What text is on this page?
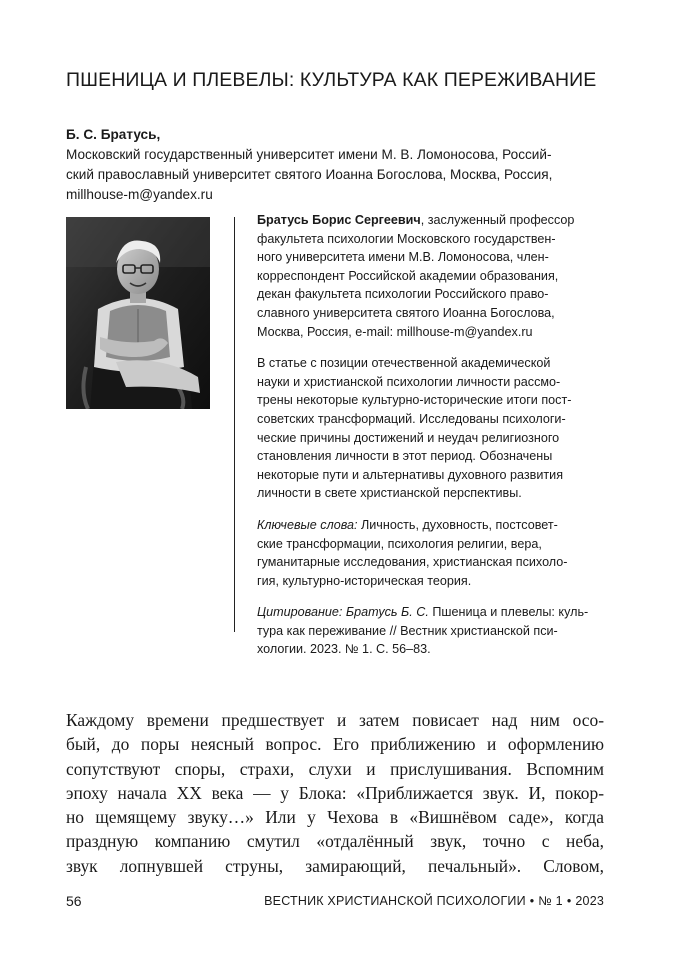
ПШЕНИЦА И ПЛЕВЕЛЫ: КУЛЬТУРА КАК ПЕРЕЖИВАНИЕ
Б. С. Братусь,
Московский государственный университет имени М. В. Ломоносова, Россий-
ский православный университет святого Иоанна Богослова, Москва, Россия,
millhouse-m@yandex.ru
Братусь Борис Сергеевич, заслуженный профессор
факультета психологии Московского государствен-
ного университета имени М.В. Ломоносова, член-
корреспондент Российской академии образования,
декан факультета психологии Российского право-
славного университета святого Иоанна Богослова,
Москва, Россия, e-mail: millhouse-m@yandex.ru
В статье с позиции отечественной академической
науки и христианской психологии личности рассмо-
трены некоторые культурно-исторические итоги пост-
советских трансформаций. Исследованы психологи-
ческие причины достижений и неудач религиозного
становления личности в этот период. Обозначены
некоторые пути и альтернативы духовного развития
личности в свете христианской перспективы.
Ключевые слова: Личность, духовность, постсовет-
ские трансформации, психология религии, вера,
гуманитарные исследования, христианская психоло-
гия, культурно-историческая теория.
Цитирование: Братусь Б. С. Пшеница и плевелы: куль-
тура как переживание // Вестник христианской пси-
хологии. 2023. № 1. С. 56–83.
Каждому времени предшествует и затем повисает над ним осо-
бый, до поры неясный вопрос. Его приближению и оформлению
сопутствуют споры, страхи, слухи и прислушивания. Вспомним
эпоху начала XX века — у Блока: «Приближается звук. И, покор-
но щемящему звуку…» Или у Чехова в «Вишнёвом саде», когда
праздную компанию смутил «отдалённый звук, точно с неба,
звук лопнувшей струны, замирающий, печальный». Словом,
56	ВЕСТНИК ХРИСТИАНСКОЙ ПСИХОЛОГИИ • № 1 • 2023
